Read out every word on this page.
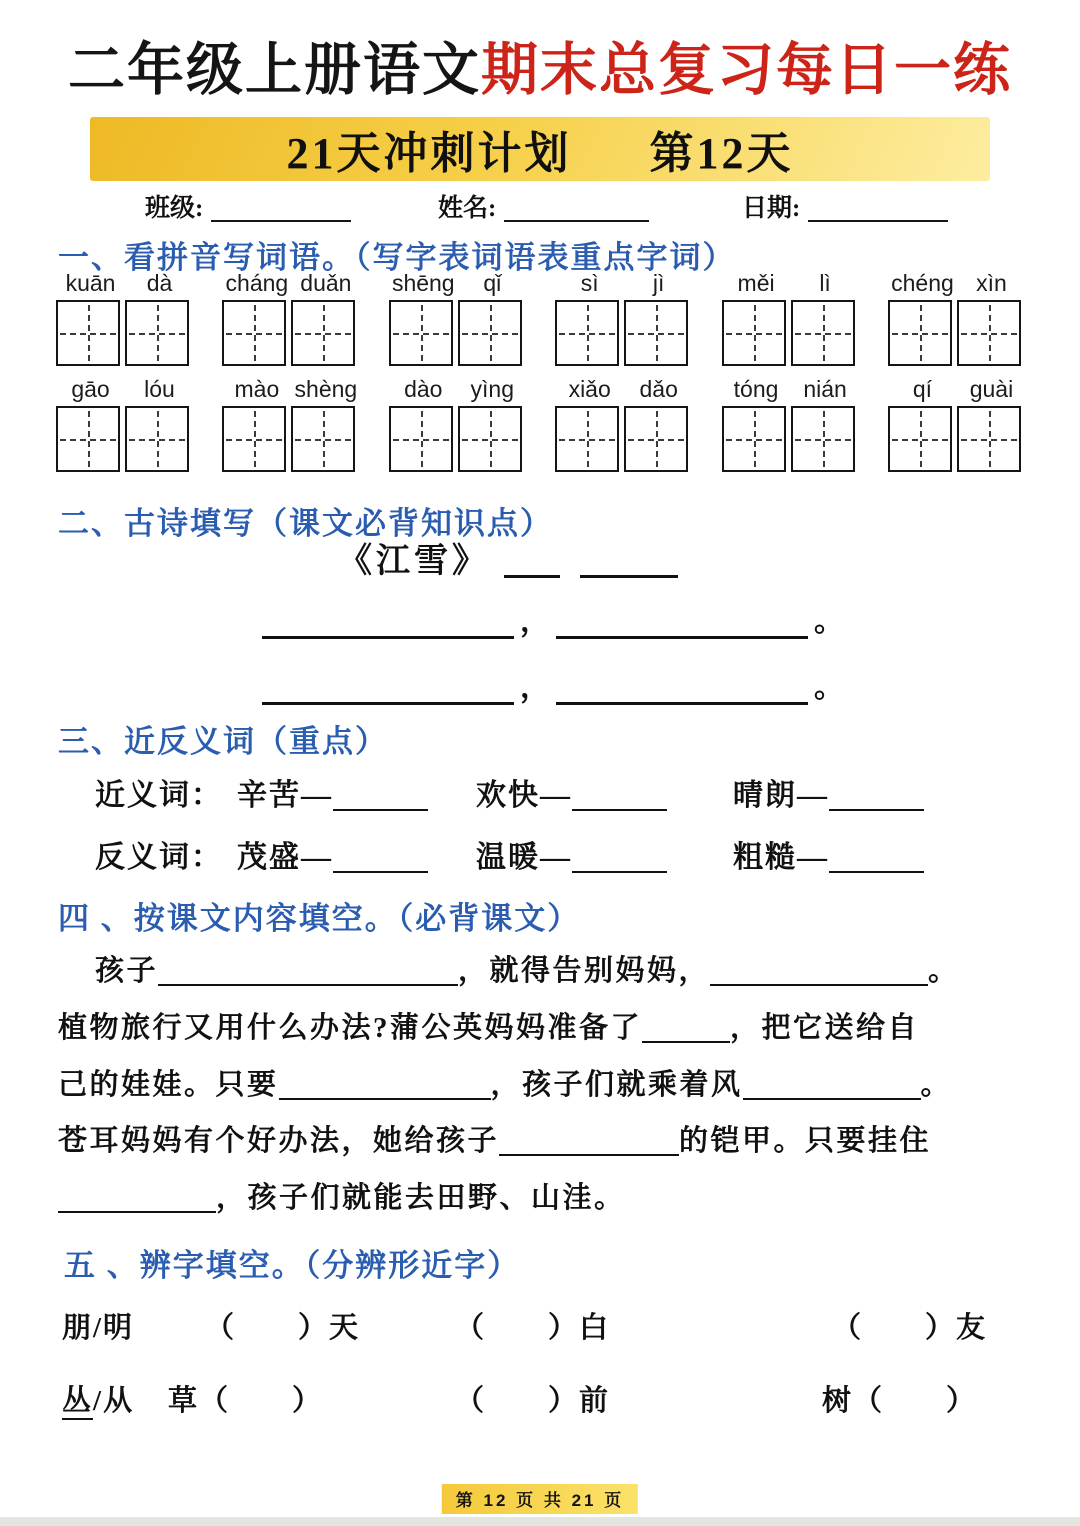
二年级上册语文期末总复习每日一练
21天冲刺计划 第12天
班级:	姓名:	日期:
一、看拼音写词语。（写字表词语表重点字词）
kuān	dà	cháng duǎn	shēng	qǐ	sì	jì	měi	lì	chéng xìn
gāo	lóu	mào shèng	dào	yìng	xiǎo	dǎo	tóng	nián	qí	guài
二、古诗填写（课文必背知识点）
《江雪》
，	。
，	。
三、近反义词（重点）
近义词： 辛苦—	欢快—	晴朗—
反义词： 茂盛—	温暖—	粗糙—
四 、按课文内容填空。（必背课文）
孩子	，就得告别妈妈，	。
植物旅行又用什么办法?蒲公英妈妈准备了	，把它送给自
己的娃娃。只要	，孩子们就乘着风	。
苍耳妈妈有个好办法，她给孩子	的铠甲。只要挂住
，孩子们就能去田野、山洼。
五 、辨字填空。（分辨形近字）
朋/明 （　　）天	（　　）白	（　　）友
丛/从 草（　　）	（　　）前	树（　　）
第 12 页 共 21 页
